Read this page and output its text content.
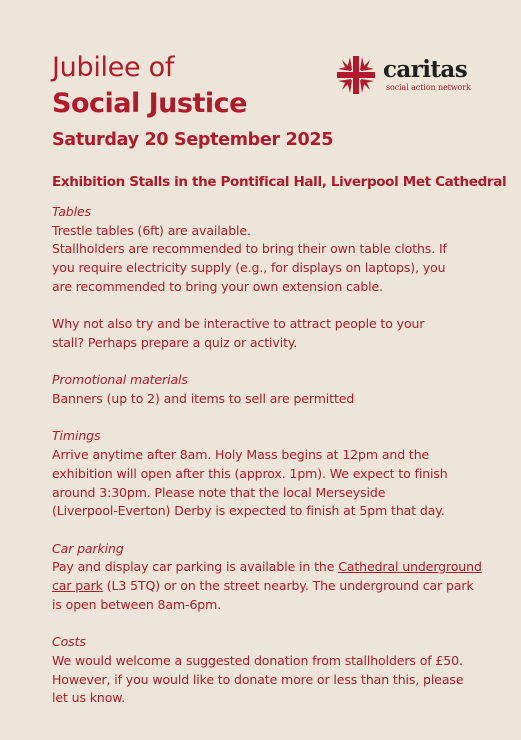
caritas
social action network
Jubilee of
Social Justice
Saturday 20 September 2025
Exhibition Stalls in the Pontifical Hall, Liverpool Met Cathedral
Tables
Trestle tables (6ft) are available.
Stallholders are recommended to bring their own table cloths. If
you require electricity supply (e.g., for displays on laptops), you
are recommended to bring your own extension cable.
Why not also try and be interactive to attract people to your
stall? Perhaps prepare a quiz or activity.
Promotional materials
Banners (up to 2) and items to sell are permitted
Timings
Arrive anytime after 8am. Holy Mass begins at 12pm and the
exhibition will open after this (approx. 1pm). We expect to finish
around 3:30pm. Please note that the local Merseyside
(Liverpool-Everton) Derby is expected to finish at 5pm that day.
Car parking
Pay and display car parking is available in the Cathedral underground
car park (L3 5TQ) or on the street nearby. The underground car park
is open between 8am-6pm.
Costs
We would welcome a suggested donation from stallholders of £50.
However, if you would like to donate more or less than this, please
let us know.
